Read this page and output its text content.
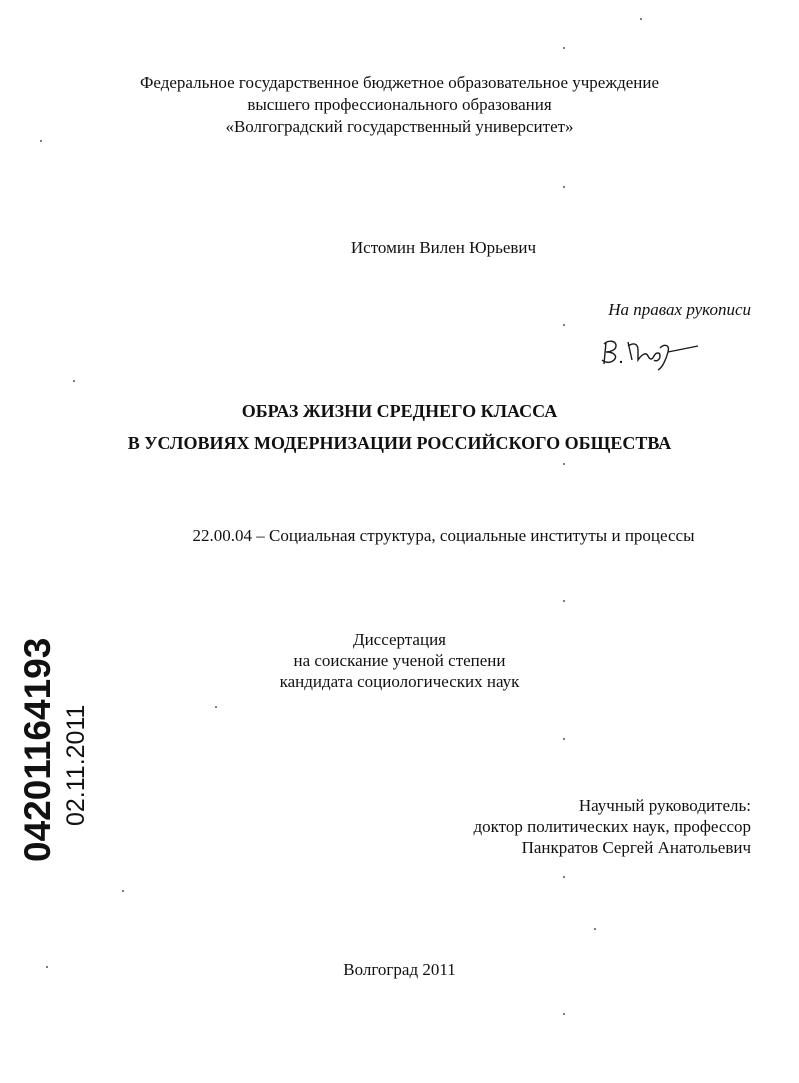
Федеральное государственное бюджетное образовательное учреждение
высшего профессионального образования
«Волгоградский государственный университет»
Истомин Вилен Юрьевич
На правах рукописи
ОБРАЗ ЖИЗНИ СРЕДНЕГО КЛАССА
В УСЛОВИЯХ МОДЕРНИЗАЦИИ РОССИЙСКОГО ОБЩЕСТВА
22.00.04 – Социальная структура, социальные институты и процессы
Диссертация
на соискание ученой степени
кандидата социологических наук
Научный руководитель:
доктор политических наук, профессор
Панкратов Сергей Анатольевич
Волгоград 2011
04201164193 02.11.2011
